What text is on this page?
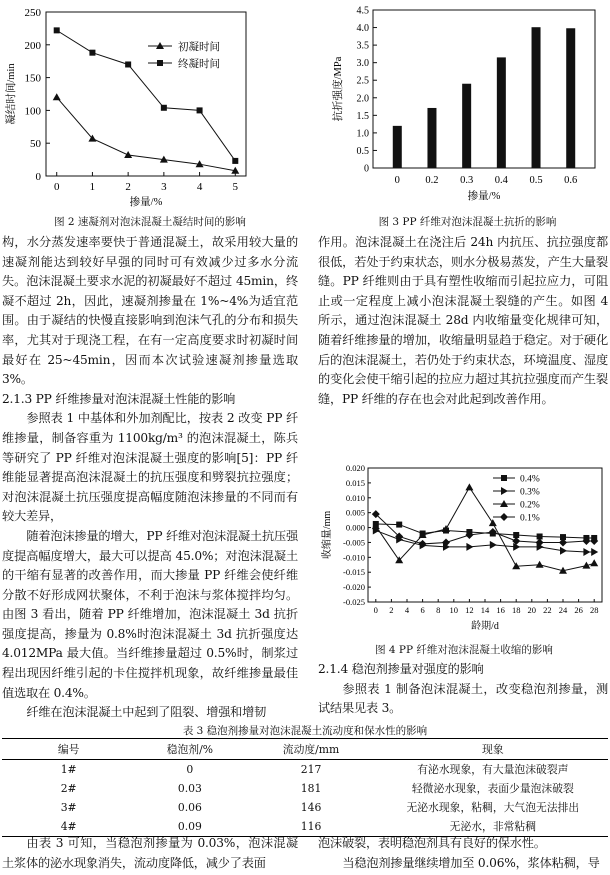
0
50
100
150
200
250
0	1	2	3	4	5
掺量/%
凝结时间/min
初凝时间
终凝时间
图 2 速凝剂对泡沫混凝土凝结时间的影响
0
0.5
1.0
1.5
2.0
2.5
3.0
3.5
4.0
4.5
0 0.2 0.3 0.4 0.5 0.6
掺量/%
抗折强度/MPa
图 3 PP 纤维对泡沫混凝土抗折的影响

构，水分蒸发速率要快于普通混凝土，故采用较大量的速凝剂能达到较好早强的同时可有效减少过多水分流失。泡沫混凝土要求水泥的初凝最好不超过 45min，终凝不超过 2h，因此，速凝剂掺量在 1%~4%为适宜范围。由于凝结的快慢直接影响到泡沫气孔的分布和损失率，尤其对于现浇工程，在有一定高度要求时初凝时间最好在 25~45min，因而本次试验速凝剂掺量选取 3%。

2.1.3 PP 纤维掺量对泡沫混凝土性能的影响

参照表 1 中基体和外加剂配比，按表 2 改变 PP 纤维掺量，制备容重为 1100kg/m³ 的泡沫混凝土，陈兵等研究了 PP 纤维对泡沫混凝土强度的影响[5]：PP 纤维能显著提高泡沫混凝土的抗压强度和劈裂抗拉强度；对泡沫混凝土抗压强度提高幅度随泡沫掺量的不同而有较大差异，

随着泡沫掺量的增大，PP 纤维对泡沫混凝土抗压强度提高幅度增大，最大可以提高 45.0%；对泡沫混凝土的干缩有显著的改善作用，而大掺量 PP 纤维会使纤维分散不好形成网状聚体，不利于泡沫与浆体搅拌均匀。由图 3 看出，随着 PP 纤维增加，泡沫混凝土 3d 抗折强度提高，掺量为 0.8%时泡沫混凝土 3d 抗折强度达 4.012MPa 最大值。当纤维掺量超过 0.5%时，制浆过程出现因纤维引起的卡住搅拌机现象，故纤维掺量最佳值选取在 0.4%。

纤维在泡沫混凝土中起到了阻裂、增强和增韧

作用。泡沫混凝土在浇注后 24h 内抗压、抗拉强度都很低，若处于约束状态，则水分极易蒸发，产生大量裂缝。PP 纤维则由于具有塑性收缩而引起拉应力，可阻止或一定程度上减小泡沫混凝土裂缝的产生。如图 4 所示，通过泡沫混凝土 28d 内收缩量变化规律可知，随着纤维掺量的增加，收缩量明显趋于稳定。对于硬化后的泡沫混凝土，若仍处于约束状态，环境温度、湿度的变化会使干缩引起的拉应力超过其抗拉强度而产生裂缝，PP 纤维的存在也会对此起到改善作用。

0.020
0.015
0.010
0.005
0.000
-0.005
-0.010
-0.015
-0.020
-0.025
0 2 4 6 8 10 12 14 16 18 20 22 24 26 28
龄期/d
收缩量/mm
0.4%
0.3%
0.2%
0.1%
图 4 PP 纤维对泡沫混凝土收缩的影响

2.1.4 稳泡剂掺量对强度的影响

参照表 1 制备泡沫混凝土，改变稳泡剂掺量，测试结果见表 3。

表 3 稳泡剂掺量对泡沫混凝土流动度和保水性的影响
编号	稳泡剂/%	流动度/mm	现象
1#	0	217	有泌水现象，有大量泡沫破裂声
2#	0.03	181	轻微泌水现象，表面少量泡沫破裂
3#	0.06	146	无泌水现象，粘稠，大气泡无法排出
4#	0.09	116	无泌水，非常粘稠

由表 3 可知，当稳泡剂掺量为 0.03%，泡沫混凝土浆体的泌水现象消失，流动度降低，减少了表面

泡沫破裂，表明稳泡剂具有良好的保水性。

当稳泡剂掺量继续增加至 0.06%，浆体粘稠，导
